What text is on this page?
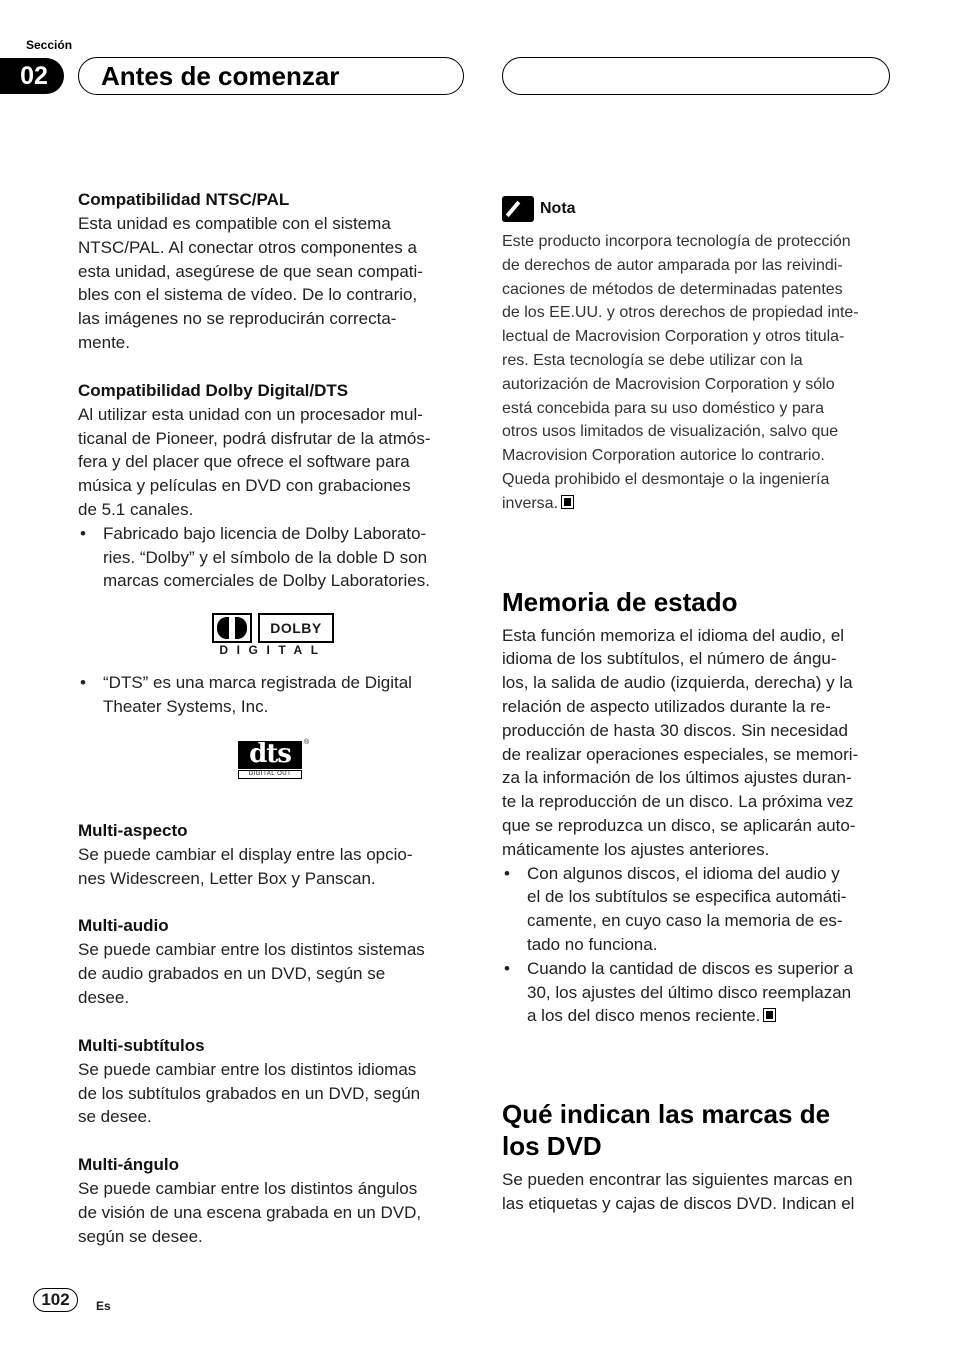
Sección
02	Antes de comenzar

Compatibilidad NTSC/PAL

Esta unidad es compatible con el sistema
NTSC/PAL. Al conectar otros componentes a
esta unidad, asegúrese de que sean compati-
bles con el sistema de vídeo. De lo contrario,
las imágenes no se reproducirán correcta-
mente.

Compatibilidad Dolby Digital/DTS

Al utilizar esta unidad con un procesador mul-
ticanal de Pioneer, podrá disfrutar de la atmós-
fera y del placer que ofrece el software para
música y películas en DVD con grabaciones
de 5.1 canales.
• Fabricado bajo licencia de Dolby Laborato-
ries. “Dolby” y el símbolo de la doble D son
marcas comerciales de Dolby Laboratories.
DOLBY
DIGITAL
• “DTS” es una marca registrada de Digital
Theater Systems, Inc.
dts
DIGITAL OUT
®

Multi-aspecto

Se puede cambiar el display entre las opcio-
nes Widescreen, Letter Box y Panscan.

Multi-audio

Se puede cambiar entre los distintos sistemas
de audio grabados en un DVD, según se
desee.

Multi-subtítulos

Se puede cambiar entre los distintos idiomas
de los subtítulos grabados en un DVD, según
se desee.

Multi-ángulo

Se puede cambiar entre los distintos ángulos
de visión de una escena grabada en un DVD,
según se desee.
Nota
Este producto incorpora tecnología de protección
de derechos de autor amparada por las reivindi-
caciones de métodos de determinadas patentes
de los EE.UU. y otros derechos de propiedad inte-
lectual de Macrovision Corporation y otros titula-
res. Esta tecnología se debe utilizar con la
autorización de Macrovision Corporation y sólo
está concebida para su uso doméstico y para
otros usos limitados de visualización, salvo que
Macrovision Corporation autorice lo contrario.
Queda prohibido el desmontaje o la ingeniería
inversa.
Memoria de estado
Esta función memoriza el idioma del audio, el
idioma de los subtítulos, el número de ángu-
los, la salida de audio (izquierda, derecha) y la
relación de aspecto utilizados durante la re-
producción de hasta 30 discos. Sin necesidad
de realizar operaciones especiales, se memori-
za la información de los últimos ajustes duran-
te la reproducción de un disco. La próxima vez
que se reproduzca un disco, se aplicarán auto-
máticamente los ajustes anteriores.
• Con algunos discos, el idioma del audio y
el de los subtítulos se especifica automáti-
camente, en cuyo caso la memoria de es-
tado no funciona.
• Cuando la cantidad de discos es superior a
30, los ajustes del último disco reemplazan
a los del disco menos reciente.
Qué indican las marcas de
los DVD
Se pueden encontrar las siguientes marcas en
las etiquetas y cajas de discos DVD. Indican el
102	Es
